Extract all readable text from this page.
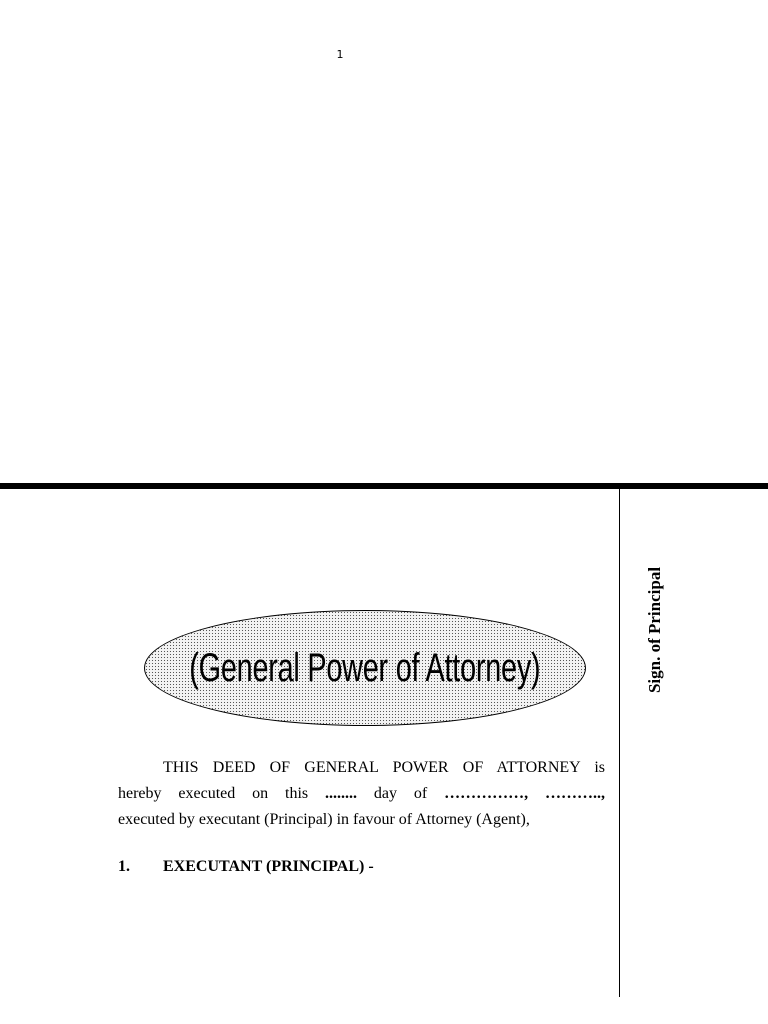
1
Sign. of Principal
(General Power of Attorney)

THIS DEED OF GENERAL POWER OF ATTORNEY is
hereby executed on this ........ day of ……………, ………..,
executed by executant (Principal) in favour of Attorney (Agent),

1. EXECUTANT (PRINCIPAL) -
